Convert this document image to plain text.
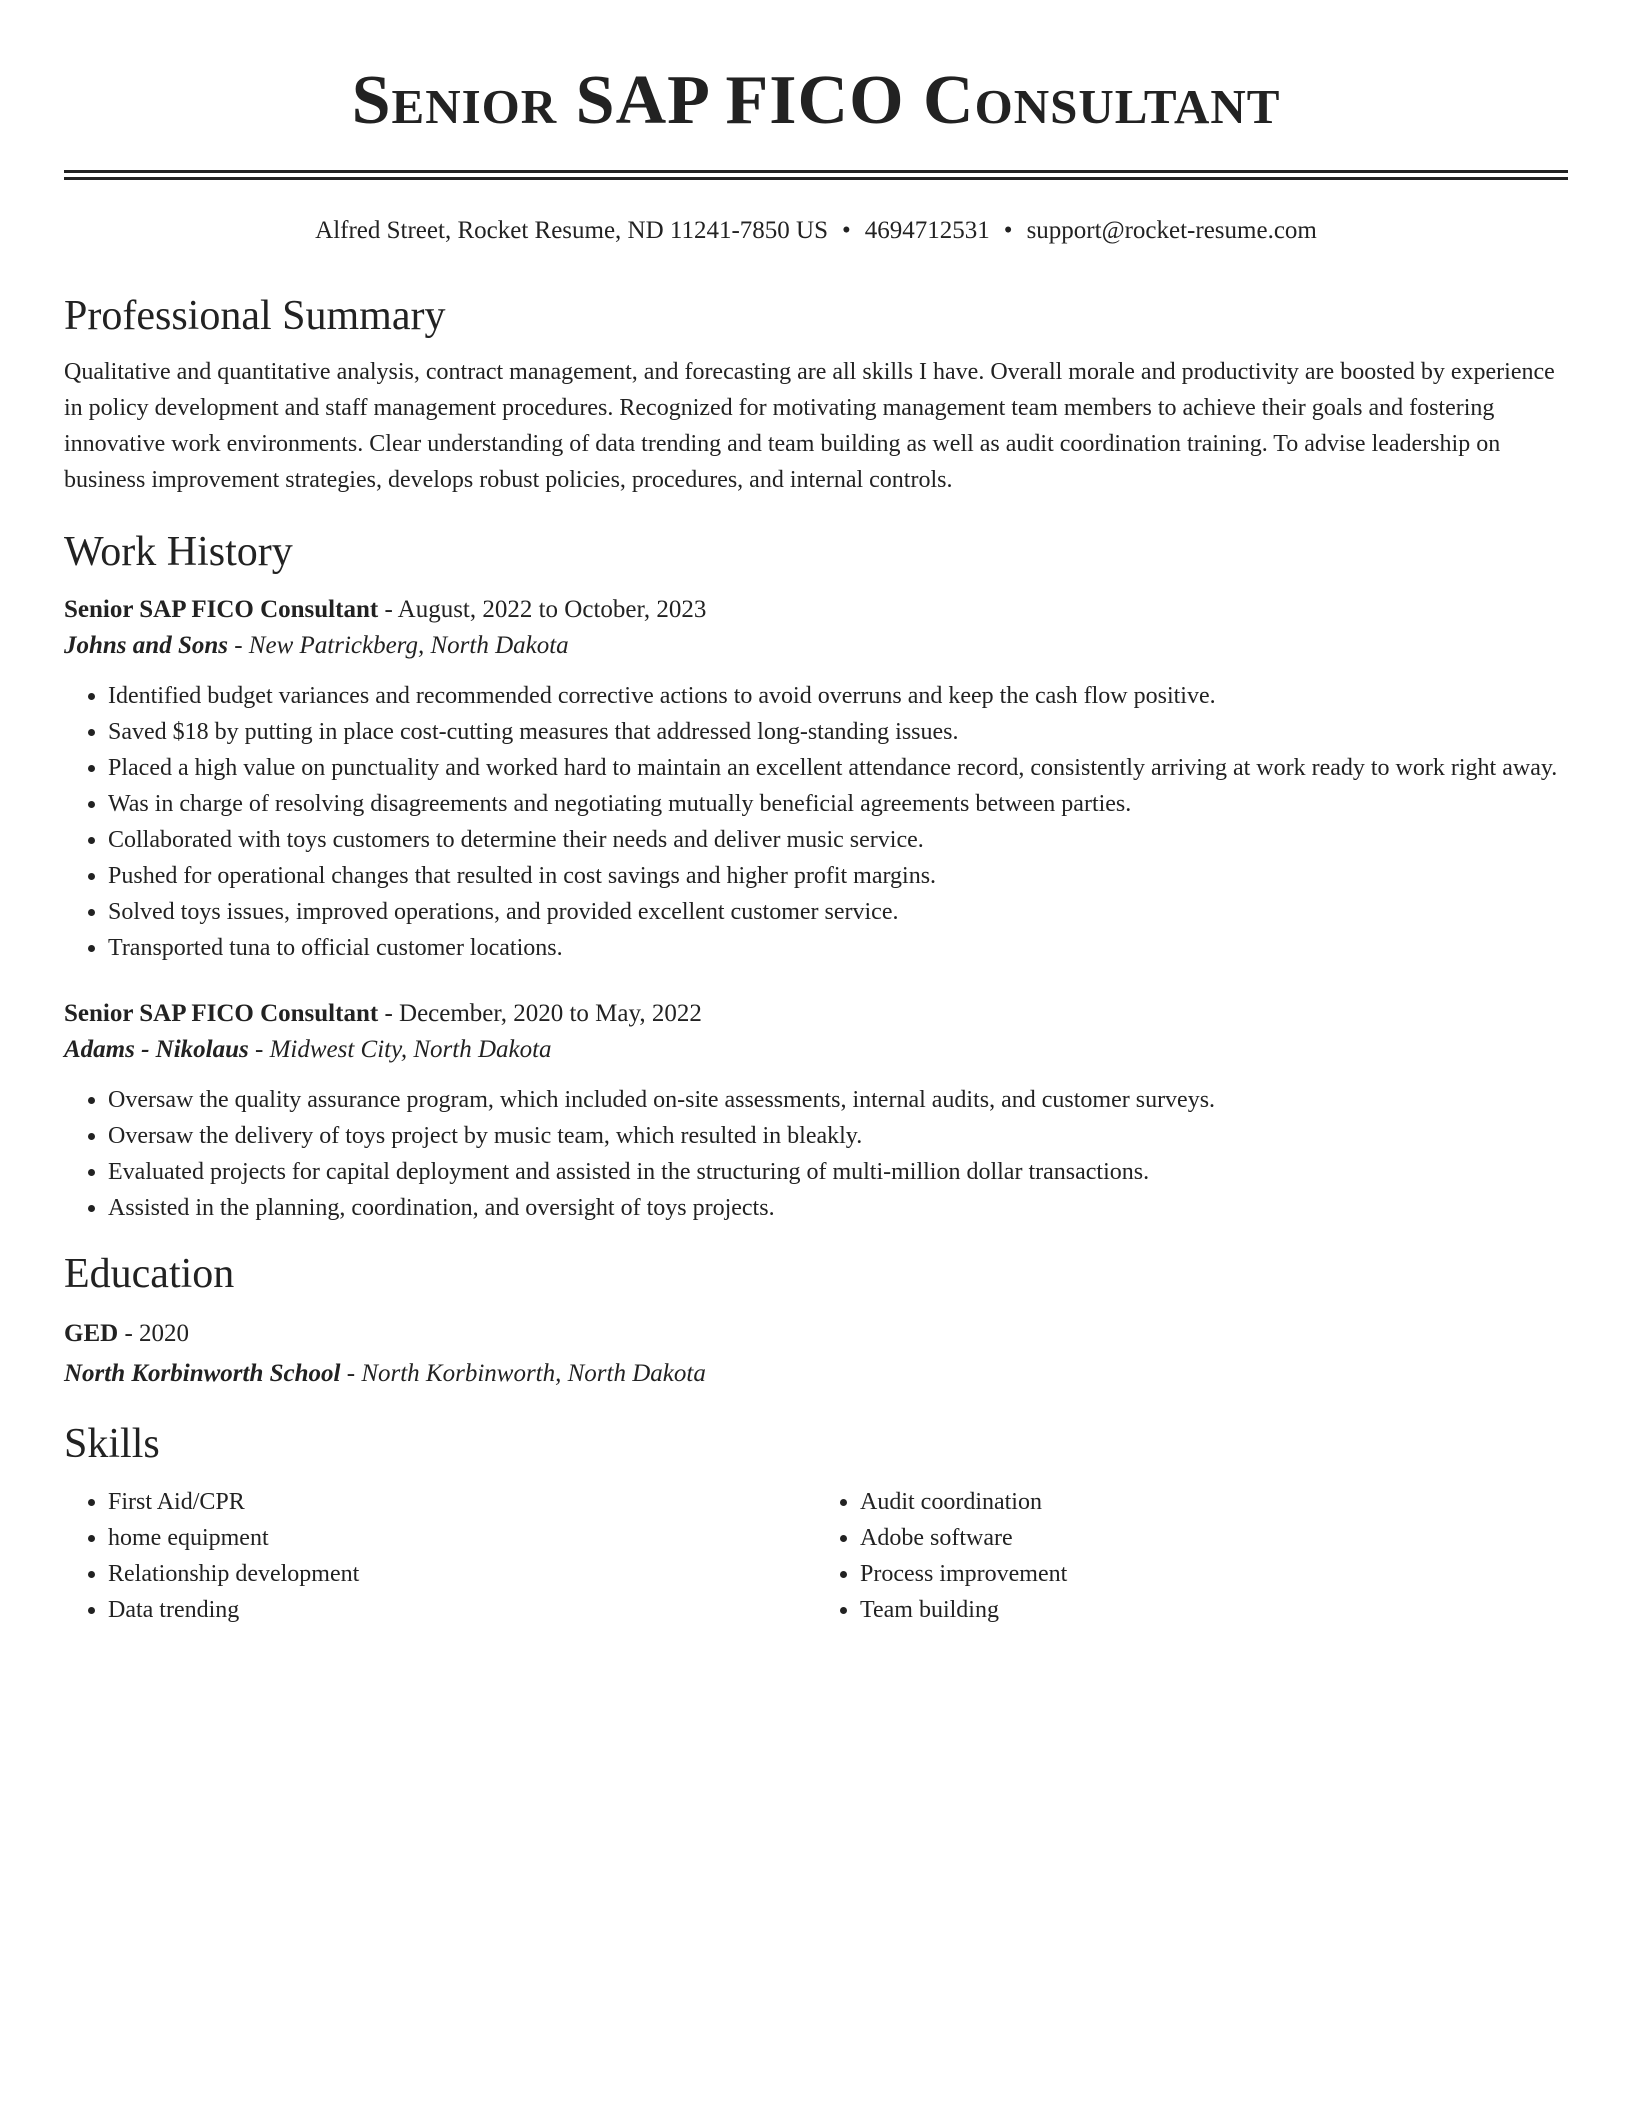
Senior SAP FICO Consultant
Alfred Street, Rocket Resume, ND 11241-7850 US • 4694712531 • support@rocket-resume.com
Professional Summary
Qualitative and quantitative analysis, contract management, and forecasting are all skills I have. Overall morale and productivity are boosted by experience in policy development and staff management procedures. Recognized for motivating management team members to achieve their goals and fostering innovative work environments. Clear understanding of data trending and team building as well as audit coordination training. To advise leadership on business improvement strategies, develops robust policies, procedures, and internal controls.
Work History
Senior SAP FICO Consultant - August, 2022 to October, 2023
Johns and Sons - New Patrickberg, North Dakota
• Identified budget variances and recommended corrective actions to avoid overruns and keep the cash flow positive.
• Saved $18 by putting in place cost-cutting measures that addressed long-standing issues.
• Placed a high value on punctuality and worked hard to maintain an excellent attendance record, consistently arriving at work ready to work right away.
• Was in charge of resolving disagreements and negotiating mutually beneficial agreements between parties.
• Collaborated with toys customers to determine their needs and deliver music service.
• Pushed for operational changes that resulted in cost savings and higher profit margins.
• Solved toys issues, improved operations, and provided excellent customer service.
• Transported tuna to official customer locations.
Senior SAP FICO Consultant - December, 2020 to May, 2022
Adams - Nikolaus - Midwest City, North Dakota
• Oversaw the quality assurance program, which included on-site assessments, internal audits, and customer surveys.
• Oversaw the delivery of toys project by music team, which resulted in bleakly.
• Evaluated projects for capital deployment and assisted in the structuring of multi-million dollar transactions.
• Assisted in the planning, coordination, and oversight of toys projects.
Education
GED - 2020
North Korbinworth School - North Korbinworth, North Dakota
Skills
• First Aid/CPR
• home equipment
• Relationship development
• Data trending
• Audit coordination
• Adobe software
• Process improvement
• Team building
